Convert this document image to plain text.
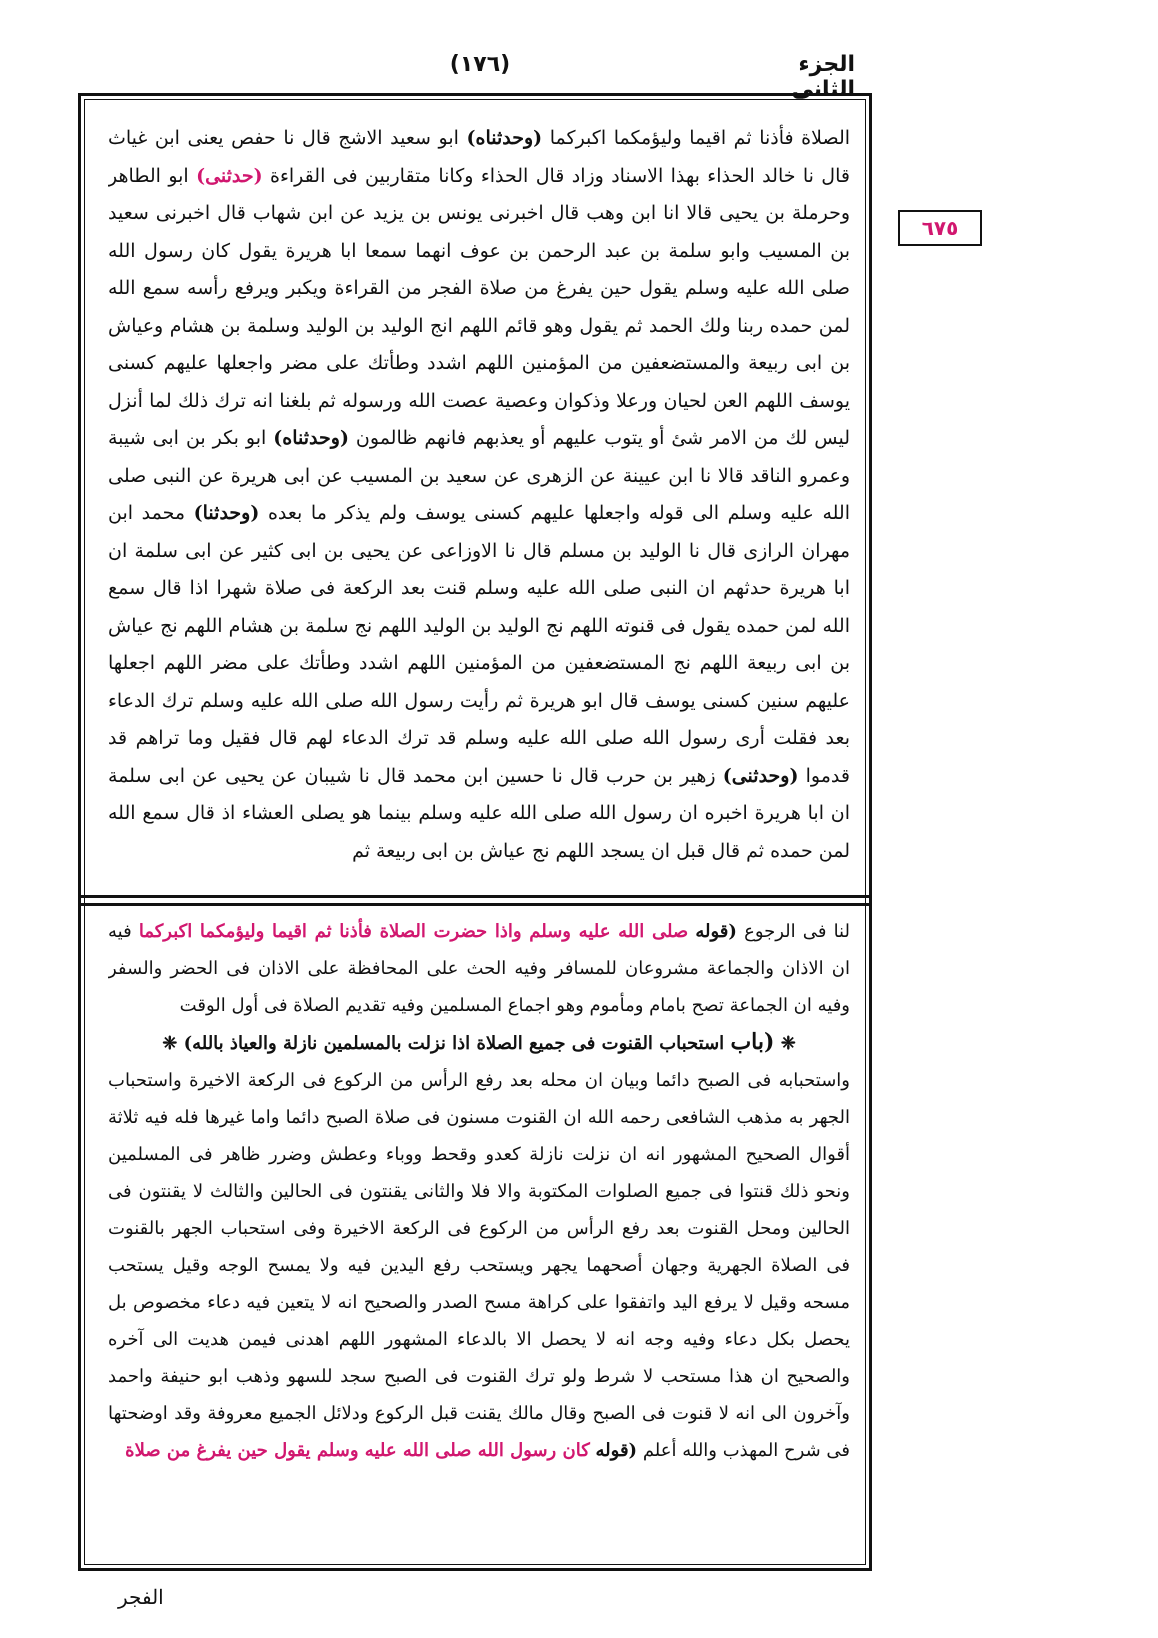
الجزء الثانى
(١٧٦)
٦٧٥
الصلاة فأذنا ثم اقيما وليؤمكما اكبركما (وحدثناه) ابو سعيد الاشج قال نا حفص يعنى ابن غياث قال نا خالد الحذاء بهذا الاسناد وزاد قال الحذاء وكانا متقاربين فى القراءة (حدثنى) ابو الطاهر وحرملة بن يحيى قالا انا ابن وهب قال اخبرنى يونس بن يزيد عن ابن شهاب قال اخبرنى سعيد بن المسيب وابو سلمة بن عبد الرحمن بن عوف انهما سمعا ابا هريرة يقول كان رسول الله صلى الله عليه وسلم يقول حين يفرغ من صلاة الفجر من القراءة ويكبر ويرفع رأسه سمع الله لمن حمده ربنا ولك الحمد ثم يقول وهو قائم اللهم انج الوليد بن الوليد وسلمة بن هشام وعياش بن ابى ربيعة والمستضعفين من المؤمنين اللهم اشدد وطأتك على مضر واجعلها عليهم كسنى يوسف اللهم العن لحيان ورعلا وذكوان وعصية عصت الله ورسوله ثم بلغنا انه ترك ذلك لما أنزل ليس لك من الامر شئ أو يتوب عليهم أو يعذبهم فانهم ظالمون (وحدثناه) ابو بكر بن ابى شيبة وعمرو الناقد قالا نا ابن عيينة عن الزهرى عن سعيد بن المسيب عن ابى هريرة عن النبى صلى الله عليه وسلم الى قوله واجعلها عليهم كسنى يوسف ولم يذكر ما بعده (وحدثنا) محمد ابن مهران الرازى قال نا الوليد بن مسلم قال نا الاوزاعى عن يحيى بن ابى كثير عن ابى سلمة ان ابا هريرة حدثهم ان النبى صلى الله عليه وسلم قنت بعد الركعة فى صلاة شهرا اذا قال سمع الله لمن حمده يقول فى قنوته اللهم نج الوليد بن الوليد اللهم نج سلمة بن هشام اللهم نج عياش بن ابى ربيعة اللهم نج المستضعفين من المؤمنين اللهم اشدد وطأتك على مضر اللهم اجعلها عليهم سنين كسنى يوسف قال ابو هريرة ثم رأيت رسول الله صلى الله عليه وسلم ترك الدعاء بعد فقلت أرى رسول الله صلى الله عليه وسلم قد ترك الدعاء لهم قال فقيل وما تراهم قد قدموا (وحدثنى) زهير بن حرب قال نا حسين ابن محمد قال نا شيبان عن يحيى عن ابى سلمة ان ابا هريرة اخبره ان رسول الله صلى الله عليه وسلم بينما هو يصلى العشاء اذ قال سمع الله لمن حمده ثم قال قبل ان يسجد اللهم نج عياش بن ابى ربيعة ثم

لنا فى الرجوع (قوله صلى الله عليه وسلم واذا حضرت الصلاة فأذنا ثم اقيما وليؤمكما اكبركما فيه ان الاذان والجماعة مشروعان للمسافر وفيه الحث على المحافظة على الاذان فى الحضر والسفر وفيه ان الجماعة تصح بامام ومأموم وهو اجماع المسلمين وفيه تقديم الصلاة فى أول الوقت

❈ (باب استحباب القنوت فى جميع الصلاة اذا نزلت بالمسلمين نازلة والعياذ بالله) ❈

واستحبابه فى الصبح دائما وبيان ان محله بعد رفع الرأس من الركوع فى الركعة الاخيرة واستحباب الجهر به مذهب الشافعى رحمه الله ان القنوت مسنون فى صلاة الصبح دائما واما غيرها فله فيه ثلاثة أقوال الصحيح المشهور انه ان نزلت نازلة كعدو وقحط ووباء وعطش وضرر ظاهر فى المسلمين ونحو ذلك قنتوا فى جميع الصلوات المكتوبة والا فلا والثانى يقنتون فى الحالين والثالث لا يقنتون فى الحالين ومحل القنوت بعد رفع الرأس من الركوع فى الركعة الاخيرة وفى استحباب الجهر بالقنوت فى الصلاة الجهرية وجهان أصحهما يجهر ويستحب رفع اليدين فيه ولا يمسح الوجه وقيل يستحب مسحه وقيل لا يرفع اليد واتفقوا على كراهة مسح الصدر والصحيح انه لا يتعين فيه دعاء مخصوص بل يحصل بكل دعاء وفيه وجه انه لا يحصل الا بالدعاء المشهور اللهم اهدنى فيمن هديت الى آخره والصحيح ان هذا مستحب لا شرط ولو ترك القنوت فى الصبح سجد للسهو وذهب ابو حنيفة واحمد وآخرون الى انه لا قنوت فى الصبح وقال مالك يقنت قبل الركوع ودلائل الجميع معروفة وقد اوضحتها فى شرح المهذب والله أعلم (قوله كان رسول الله صلى الله عليه وسلم يقول حين يفرغ من صلاة

الفجر
